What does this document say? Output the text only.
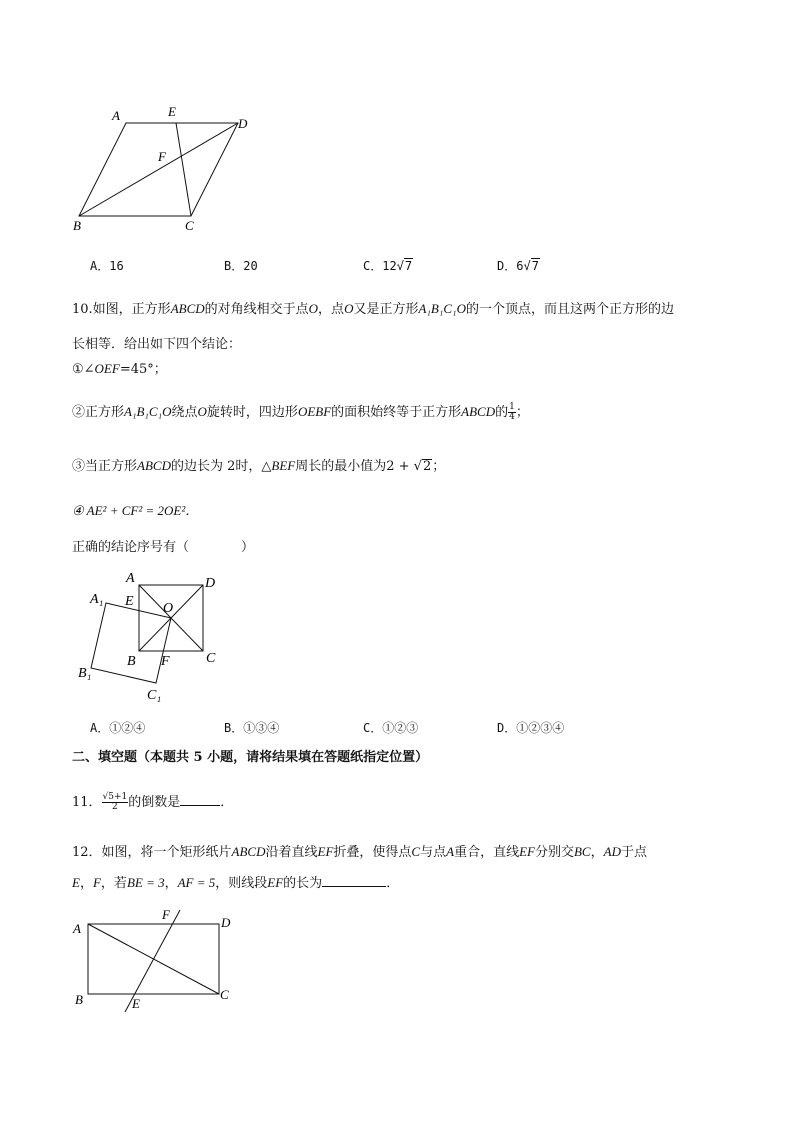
A	E
D
F
B	C
A．16	B．20	C．12√7	D．6√7
10.如图，正方形ABCD的对角线相交于点O，点O又是正方形A₁B₁C₁O的一个顶点，而且这两个正方形的边
长相等．给出如下四个结论：
①∠OEF=45°；
②正方形A₁B₁C₁O绕点O旋转时，四边形OEBF的面积始终等于正方形ABCD的 $\frac{1}{4}$ ；
③当正方形ABCD的边长为 2时，△BEF周长的最小值为2 + √2；
④ AE² + CF² = 2OE²．
正确的结论序号有（　　　　）
A	D
A₁ E O
B F	C
B₁
C₁
A．①②④	B．①③④	C．①②③	D．①②③④
二、填空题（本题共 5 小题，请将结果填在答题纸指定位置）
11． $\frac{√5+1}{2}$ 的倒数是	．
12．如图，将一个矩形纸片ABCD沿着直线EF折叠，使得点C与点A重合，直线EF分别交BC，AD于点
E，F，若BE = 3，AF = 5，则线段EF的长为	．
A
F
D
B	E
C
